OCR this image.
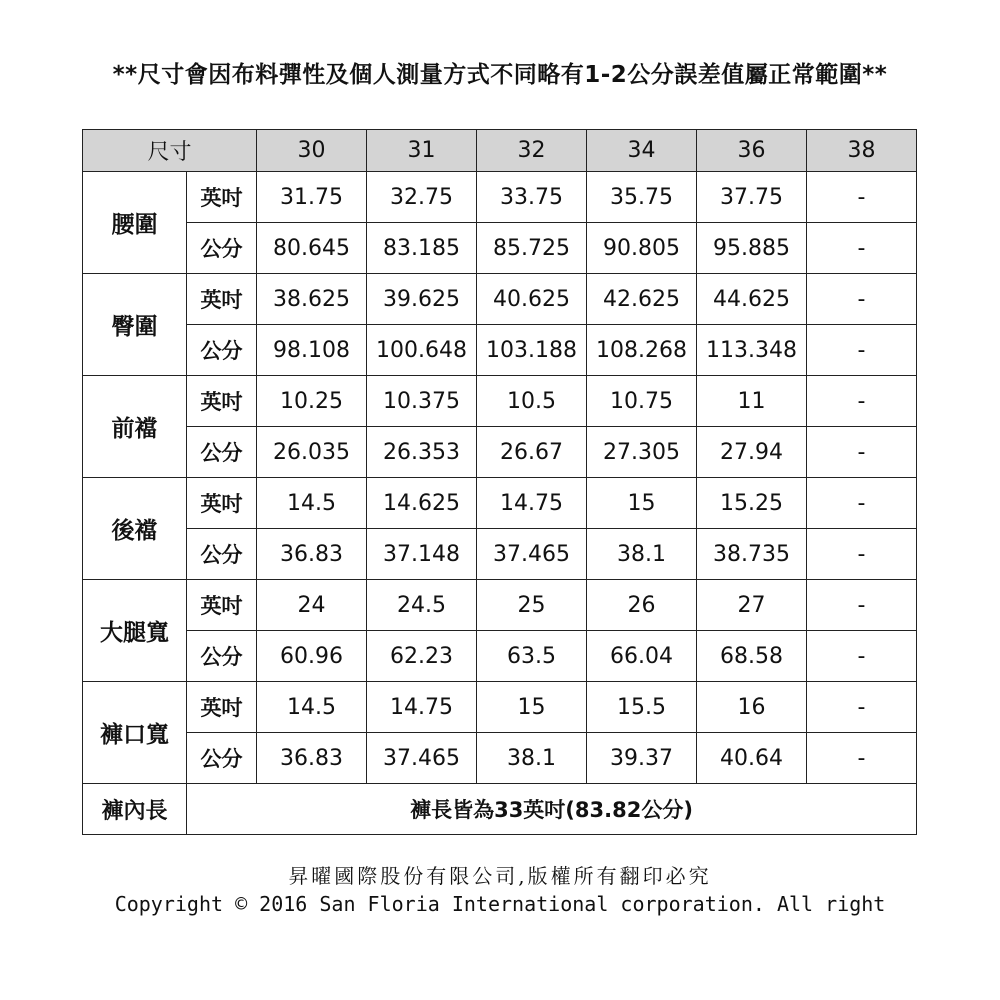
**尺寸會因布料彈性及個人測量方式不同略有1-2公分誤差值屬正常範圍**
尺寸		30	31	32	34	36	38
腰圍	英吋	31.75	32.75	33.75	35.75	37.75	-
	公分	80.645	83.185	85.725	90.805	95.885	-
臀圍	英吋	38.625	39.625	40.625	42.625	44.625	-
	公分	98.108	100.648	103.188	108.268	113.348	-
前襠	英吋	10.25	10.375	10.5	10.75	11	-
	公分	26.035	26.353	26.67	27.305	27.94	-
後襠	英吋	14.5	14.625	14.75	15	15.25	-
	公分	36.83	37.148	37.465	38.1	38.735	-
大腿寬	英吋	24	24.5	25	26	27	-
	公分	60.96	62.23	63.5	66.04	68.58	-
褲口寬	英吋	14.5	14.75	15	15.5	16	-
	公分	36.83	37.465	38.1	39.37	40.64	-
褲內長	褲長皆為33英吋(83.82公分)						
昇曜國際股份有限公司,版權所有翻印必究
Copyright © 2016 San Floria International corporation. All right
